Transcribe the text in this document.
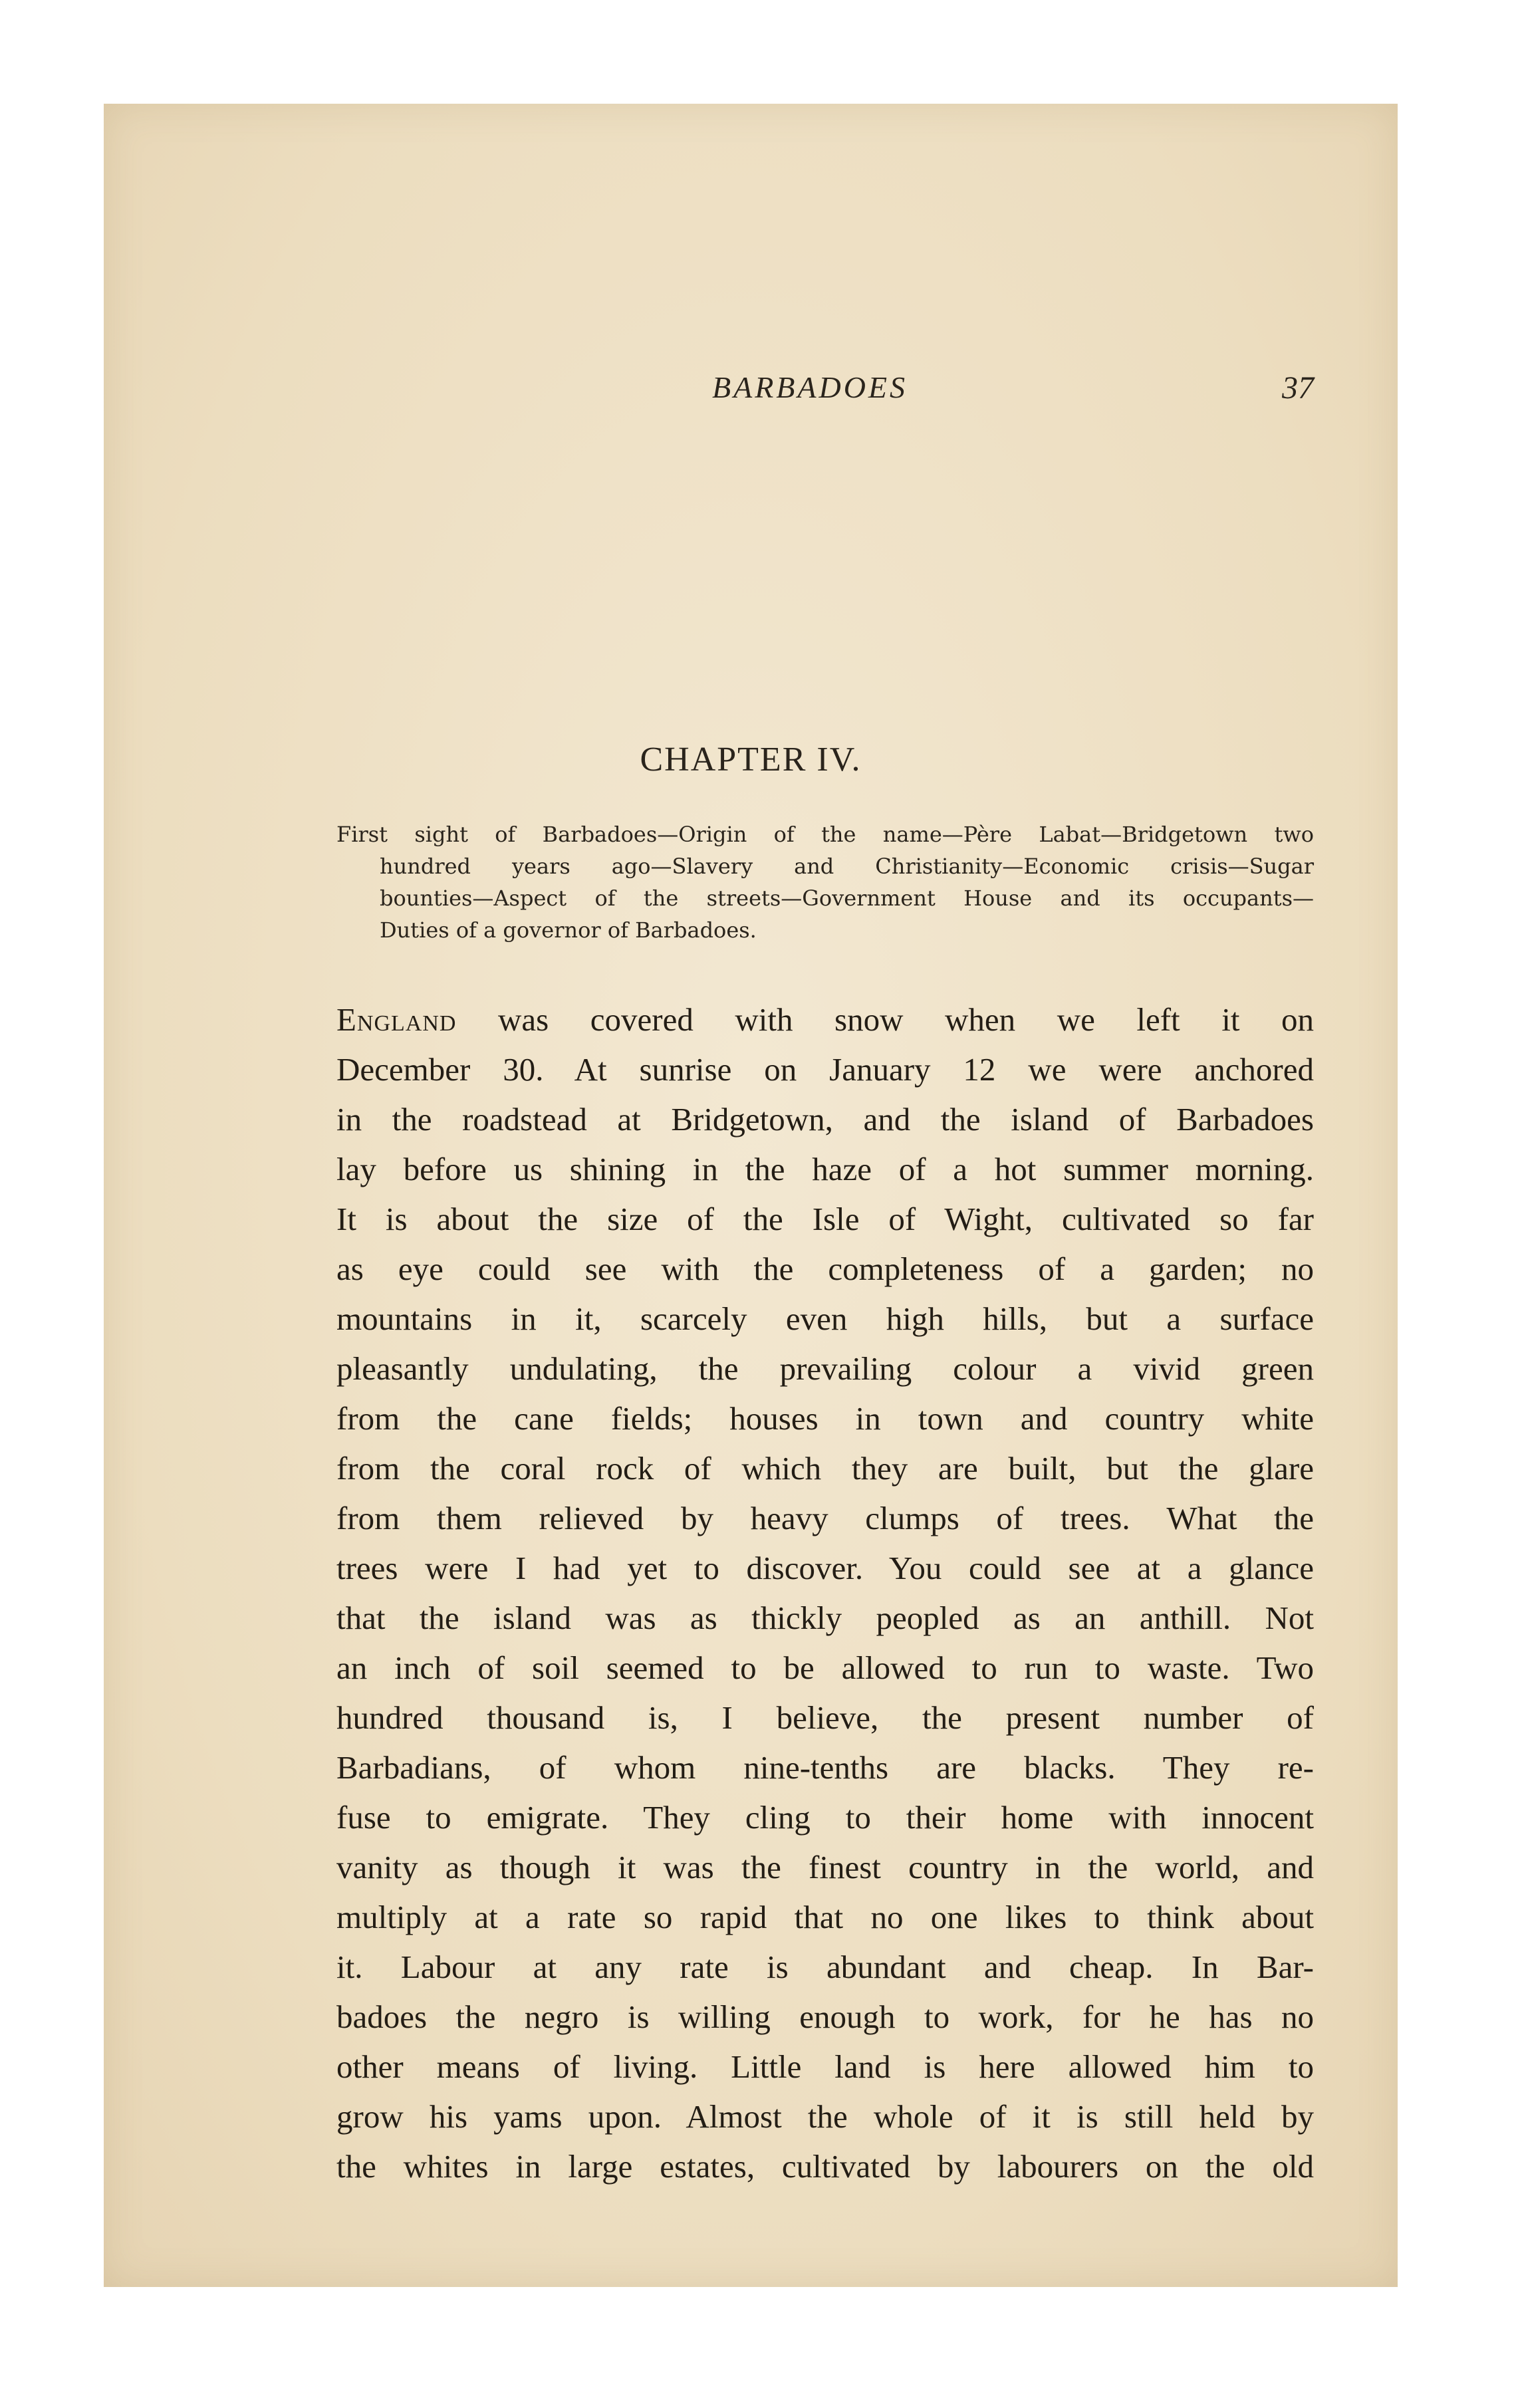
BARBADOES	37
CHAPTER IV.
First sight of Barbadoes—Origin of the name—Père Labat—Bridgetown two
hundred years ago—Slavery and Christianity—Economic crisis—Sugar
bounties—Aspect of the streets—Government House and its occupants—
Duties of a governor of Barbadoes.
England was covered with snow when we left it on
December 30. At sunrise on January 12 we were anchored
in the roadstead at Bridgetown, and the island of Barbadoes
lay before us shining in the haze of a hot summer morning.
It is about the size of the Isle of Wight, cultivated so far
as eye could see with the completeness of a garden; no
mountains in it, scarcely even high hills, but a surface
pleasantly undulating, the prevailing colour a vivid green
from the cane fields; houses in town and country white
from the coral rock of which they are built, but the glare
from them relieved by heavy clumps of trees. What the
trees were I had yet to discover. You could see at a glance
that the island was as thickly peopled as an anthill. Not
an inch of soil seemed to be allowed to run to waste. Two
hundred thousand is, I believe, the present number of
Barbadians, of whom nine-tenths are blacks. They re-
fuse to emigrate. They cling to their home with innocent
vanity as though it was the finest country in the world, and
multiply at a rate so rapid that no one likes to think about
it. Labour at any rate is abundant and cheap. In Bar-
badoes the negro is willing enough to work, for he has no
other means of living. Little land is here allowed him to
grow his yams upon. Almost the whole of it is still held by
the whites in large estates, cultivated by labourers on the old
